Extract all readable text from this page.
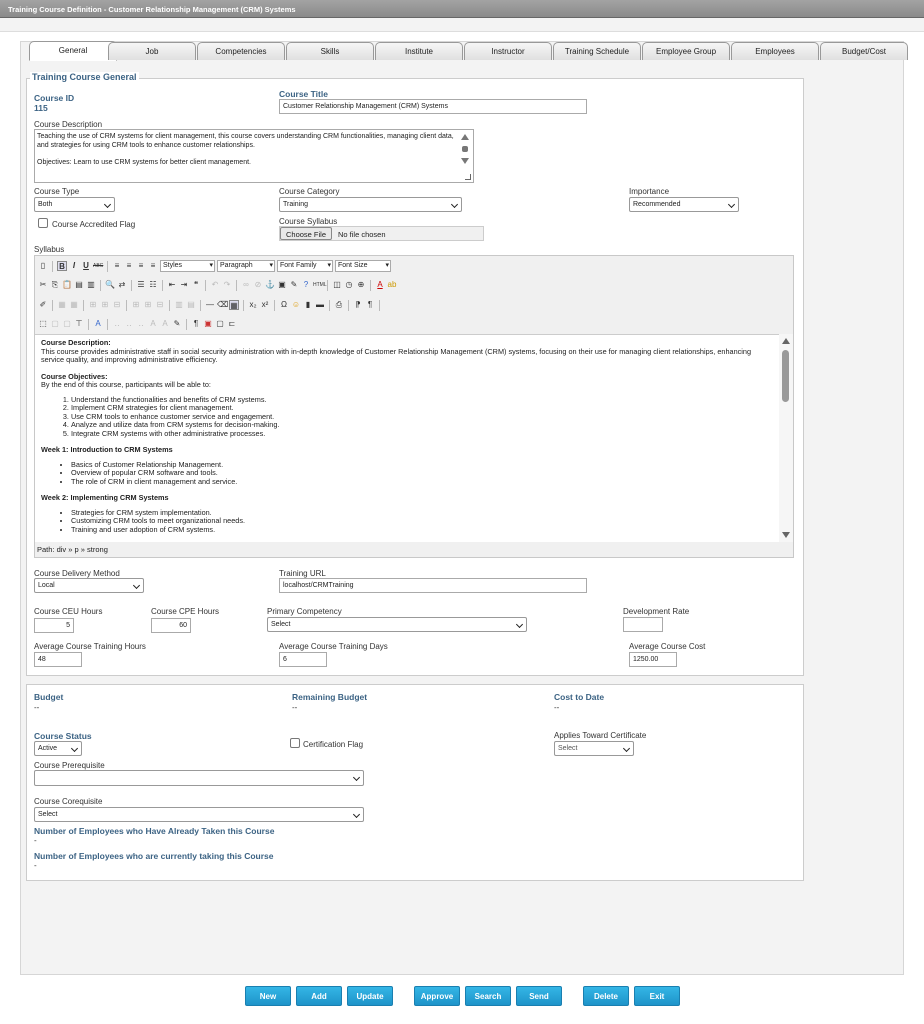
Training Course Definition - Customer Relationship Management (CRM) Systems
General	Job	Competencies	Skills	Institute	Instructor	Training Schedule	Employee Group	Employees	Budget/Cost
Training Course General
Course ID
115
Course Title
Customer Relationship Management (CRM) Systems
Course Description

Teaching the use of CRM systems for client management, this course covers understanding CRM functionalities, managing client data, and strategies for using CRM tools to enhance customer relationships.

Objectives: Learn to use CRM systems for better client management.

Course Type
Both
Course Category
Training
Importance
Recommended
Course Accredited Flag	Course Syllabus
Choose File	No file chosen
Syllabus
▯	B I	U ABC	≡ ≡ ≡ ≡	Styles ▾	Paragraph ▾	Font Family ▾	Font Size ▾
✂ ⎘ 📋 ▤ ▥ 🔍 ⇄ ☰ ☷ ⇤ ⇥ ❝	↶ ↷ ∞ ⊘ ⚓ ▣ ✎ ? HTML ◫ ◷ ⊕ A ab
✐ ▦ ▦ ⊞ ⊞ ⊟ ⊞ ⊞ ⊟ ▥ ▤ — ⌫ ▦ x₂ x² Ω ☺ ▮ ▬ ⎙	⁋ ¶
⬚ ▢ ▢ ⊤ A ‥ ‥ ‥ A A ✎	¶ ▣ ▢ ⊏
Course Description:
This course provides administrative staff in social security administration with in-depth knowledge of Customer Relationship Management (CRM) systems, focusing on their use for managing client relationships, enhancing service quality, and improving administrative efficiency.
Course Objectives:
By the end of this course, participants will be able to:
1. Understand the functionalities and benefits of CRM systems.
2. Implement CRM strategies for client management.
3. Use CRM tools to enhance customer service and engagement.
4. Analyze and utilize data from CRM systems for decision-making.
5. Integrate CRM systems with other administrative processes.
Week 1: Introduction to CRM Systems
• Basics of Customer Relationship Management.
• Overview of popular CRM software and tools.
• The role of CRM in client management and service.
Week 2: Implementing CRM Systems
• Strategies for CRM system implementation.
• Customizing CRM tools to meet organizational needs.
• Training and user adoption of CRM systems.
Path: div » p » strong
Course Delivery Method
Local
Training URL
localhost/CRMTraining
Course CEU Hours
5
Course CPE Hours
60
Primary Competency
Select
Development Rate
Average Course Training Hours
48
Average Course Training Days
6
Average Course Cost
1250.00
Budget
--
Remaining Budget
--
Cost to Date
--
Course Status
Active	Certification Flag
Applies Toward Certificate
Select
Course Prerequisite
Course Corequisite
Select
Number of Employees who Have Already Taken this Course
-
Number of Employees who are currently taking this Course
-
New	Add	Update	Approve	Search	Send	Delete	Exit
